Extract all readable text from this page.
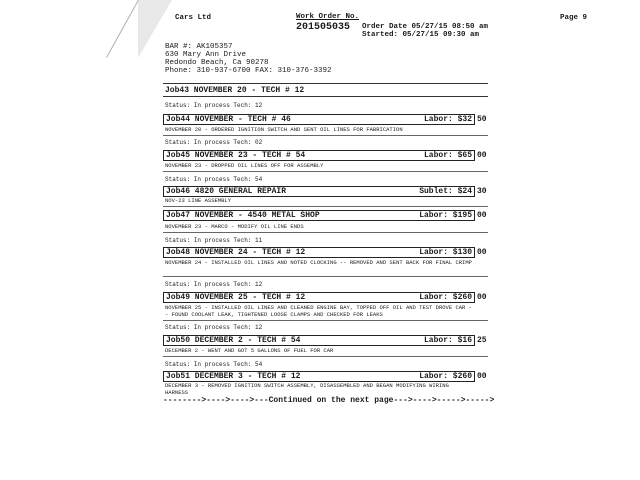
Cars Ltd	Work Order No.
201505035
Page 9
Order Date 05/27/15 08:50 am
Started: 05/27/15 09:30 am
BAR #: AK105357
630 Mary Ann Drive
Redondo Beach, Ca 90278
Phone: 310-937-6700 FAX: 310-376-3392
Job43 NOVEMBER 20 - TECH # 12
Status: In process Tech: 12
Job44 NOVEMBER - TECH # 46	Labor: $32 50
NOVEMBER 20 - ORDERED IGNITION SWITCH AND SENT OIL LINES FOR FABRICATION
Status: In process Tech: 02
Job45 NOVEMBER 23 - TECH # 54	Labor: $65 00
NOVEMBER 23 - DROPPED OIL LINES OFF FOR ASSEMBLY
Status: In process Tech: 54
Job46 4820 GENERAL REPAIR	Sublet: $24 30
NOV-23 LINE ASSEMBLY
Job47 NOVEMBER - 4540 METAL SHOP	Labor: $195 00
NOVEMBER 23 - MARCO - MODIFY OIL LINE ENDS
Status: In process Tech: 11
Job48 NOVEMBER 24 - TECH # 12	Labor: $130 00
NOVEMBER 24 - INSTALLED OIL LINES AND NOTED CLOCKING -- REMOVED AND SENT BACK FOR FINAL CRIMP
Status: In process Tech: 12
Job49 NOVEMBER 25 - TECH # 12	Labor: $260 00
NOVEMBER 25 - INSTALLED OIL LINES AND CLEANED ENGINE BAY, TOPPED OFF OIL AND TEST DROVE CAR -- FOUND COOLANT LEAK, TIGHTENED LOOSE CLAMPS AND CHECKED FOR LEAKS
Status: In process Tech: 12
Job50 DECEMBER 2 - TECH # 54	Labor: $16 25
DECEMBER 2 - WENT AND GOT 5 GALLONS OF FUEL FOR CAR
Status: In process Tech: 54
Job51 DECEMBER 3 - TECH # 12	Labor: $260 00
DECEMBER 3 - REMOVED IGNITION SWITCH ASSEMBLY, DISASSEMBLED AND BEGAN MODIFYING WIRING HARNESS
-------->---->---->---Continued on the next page--->---->----->----->
